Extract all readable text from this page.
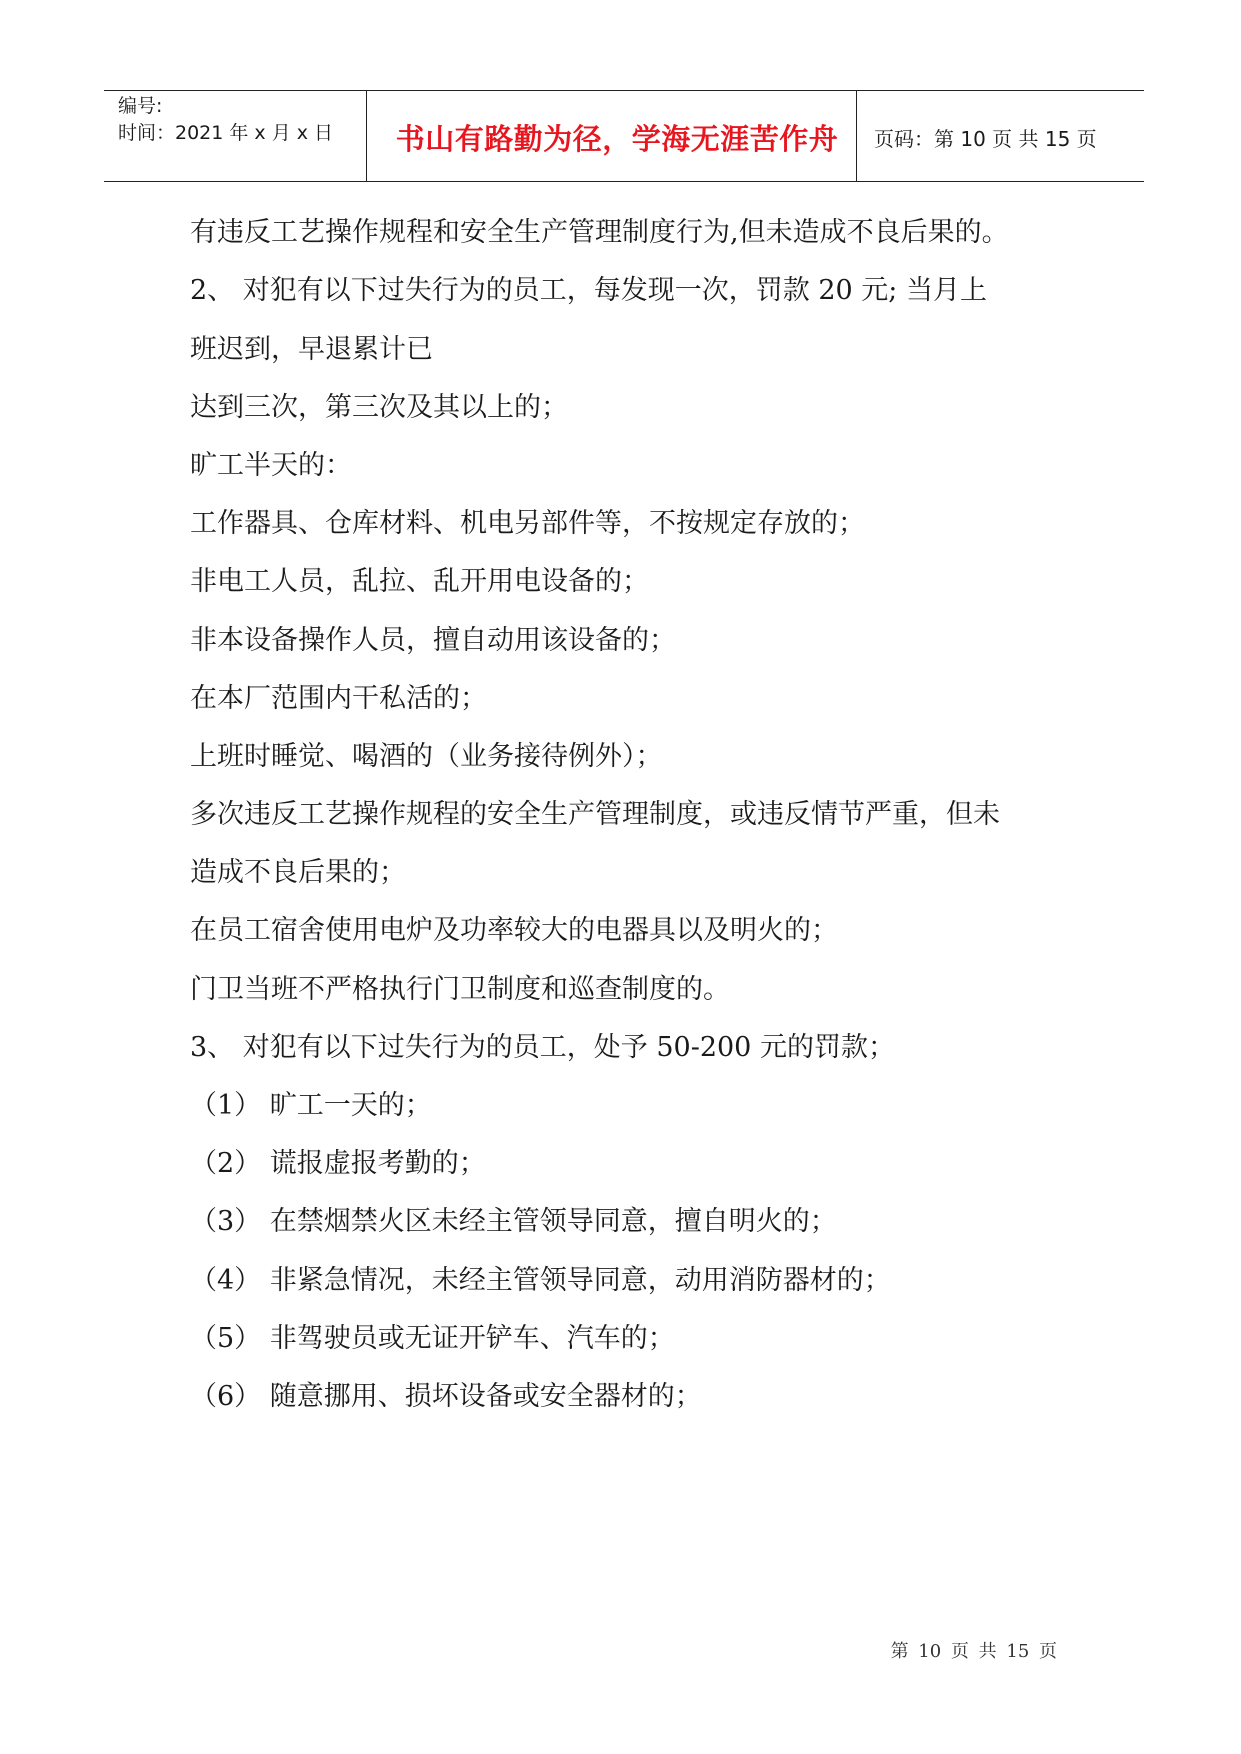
编号:
时间：2021 年 x 月 x 日	书山有路勤为径，学海无涯苦作舟	页码：第 10 页 共 15 页
有违反工艺操作规程和安全生产管理制度行为,但未造成不良后果的。
2、 对犯有以下过失行为的员工，每发现一次，罚款 20 元; 当月上
班迟到，早退累计已
达到三次，第三次及其以上的；
旷工半天的：
工作器具、仓库材料、机电另部件等，不按规定存放的；
非电工人员，乱拉、乱开用电设备的；
非本设备操作人员，擅自动用该设备的；
在本厂范围内干私活的；
上班时睡觉、喝酒的（业务接待例外）；
多次违反工艺操作规程的安全生产管理制度，或违反情节严重，但未
造成不良后果的；
在员工宿舍使用电炉及功率较大的电器具以及明火的；
门卫当班不严格执行门卫制度和巡查制度的。
3、 对犯有以下过失行为的员工，处予 50-200 元的罚款；
（1） 旷工一天的；
（2） 谎报虚报考勤的；
（3） 在禁烟禁火区未经主管领导同意，擅自明火的；
（4） 非紧急情况，未经主管领导同意，动用消防器材的；
（5） 非驾驶员或无证开铲车、汽车的；
（6） 随意挪用、损坏设备或安全器材的；
第 10 页 共 15 页
